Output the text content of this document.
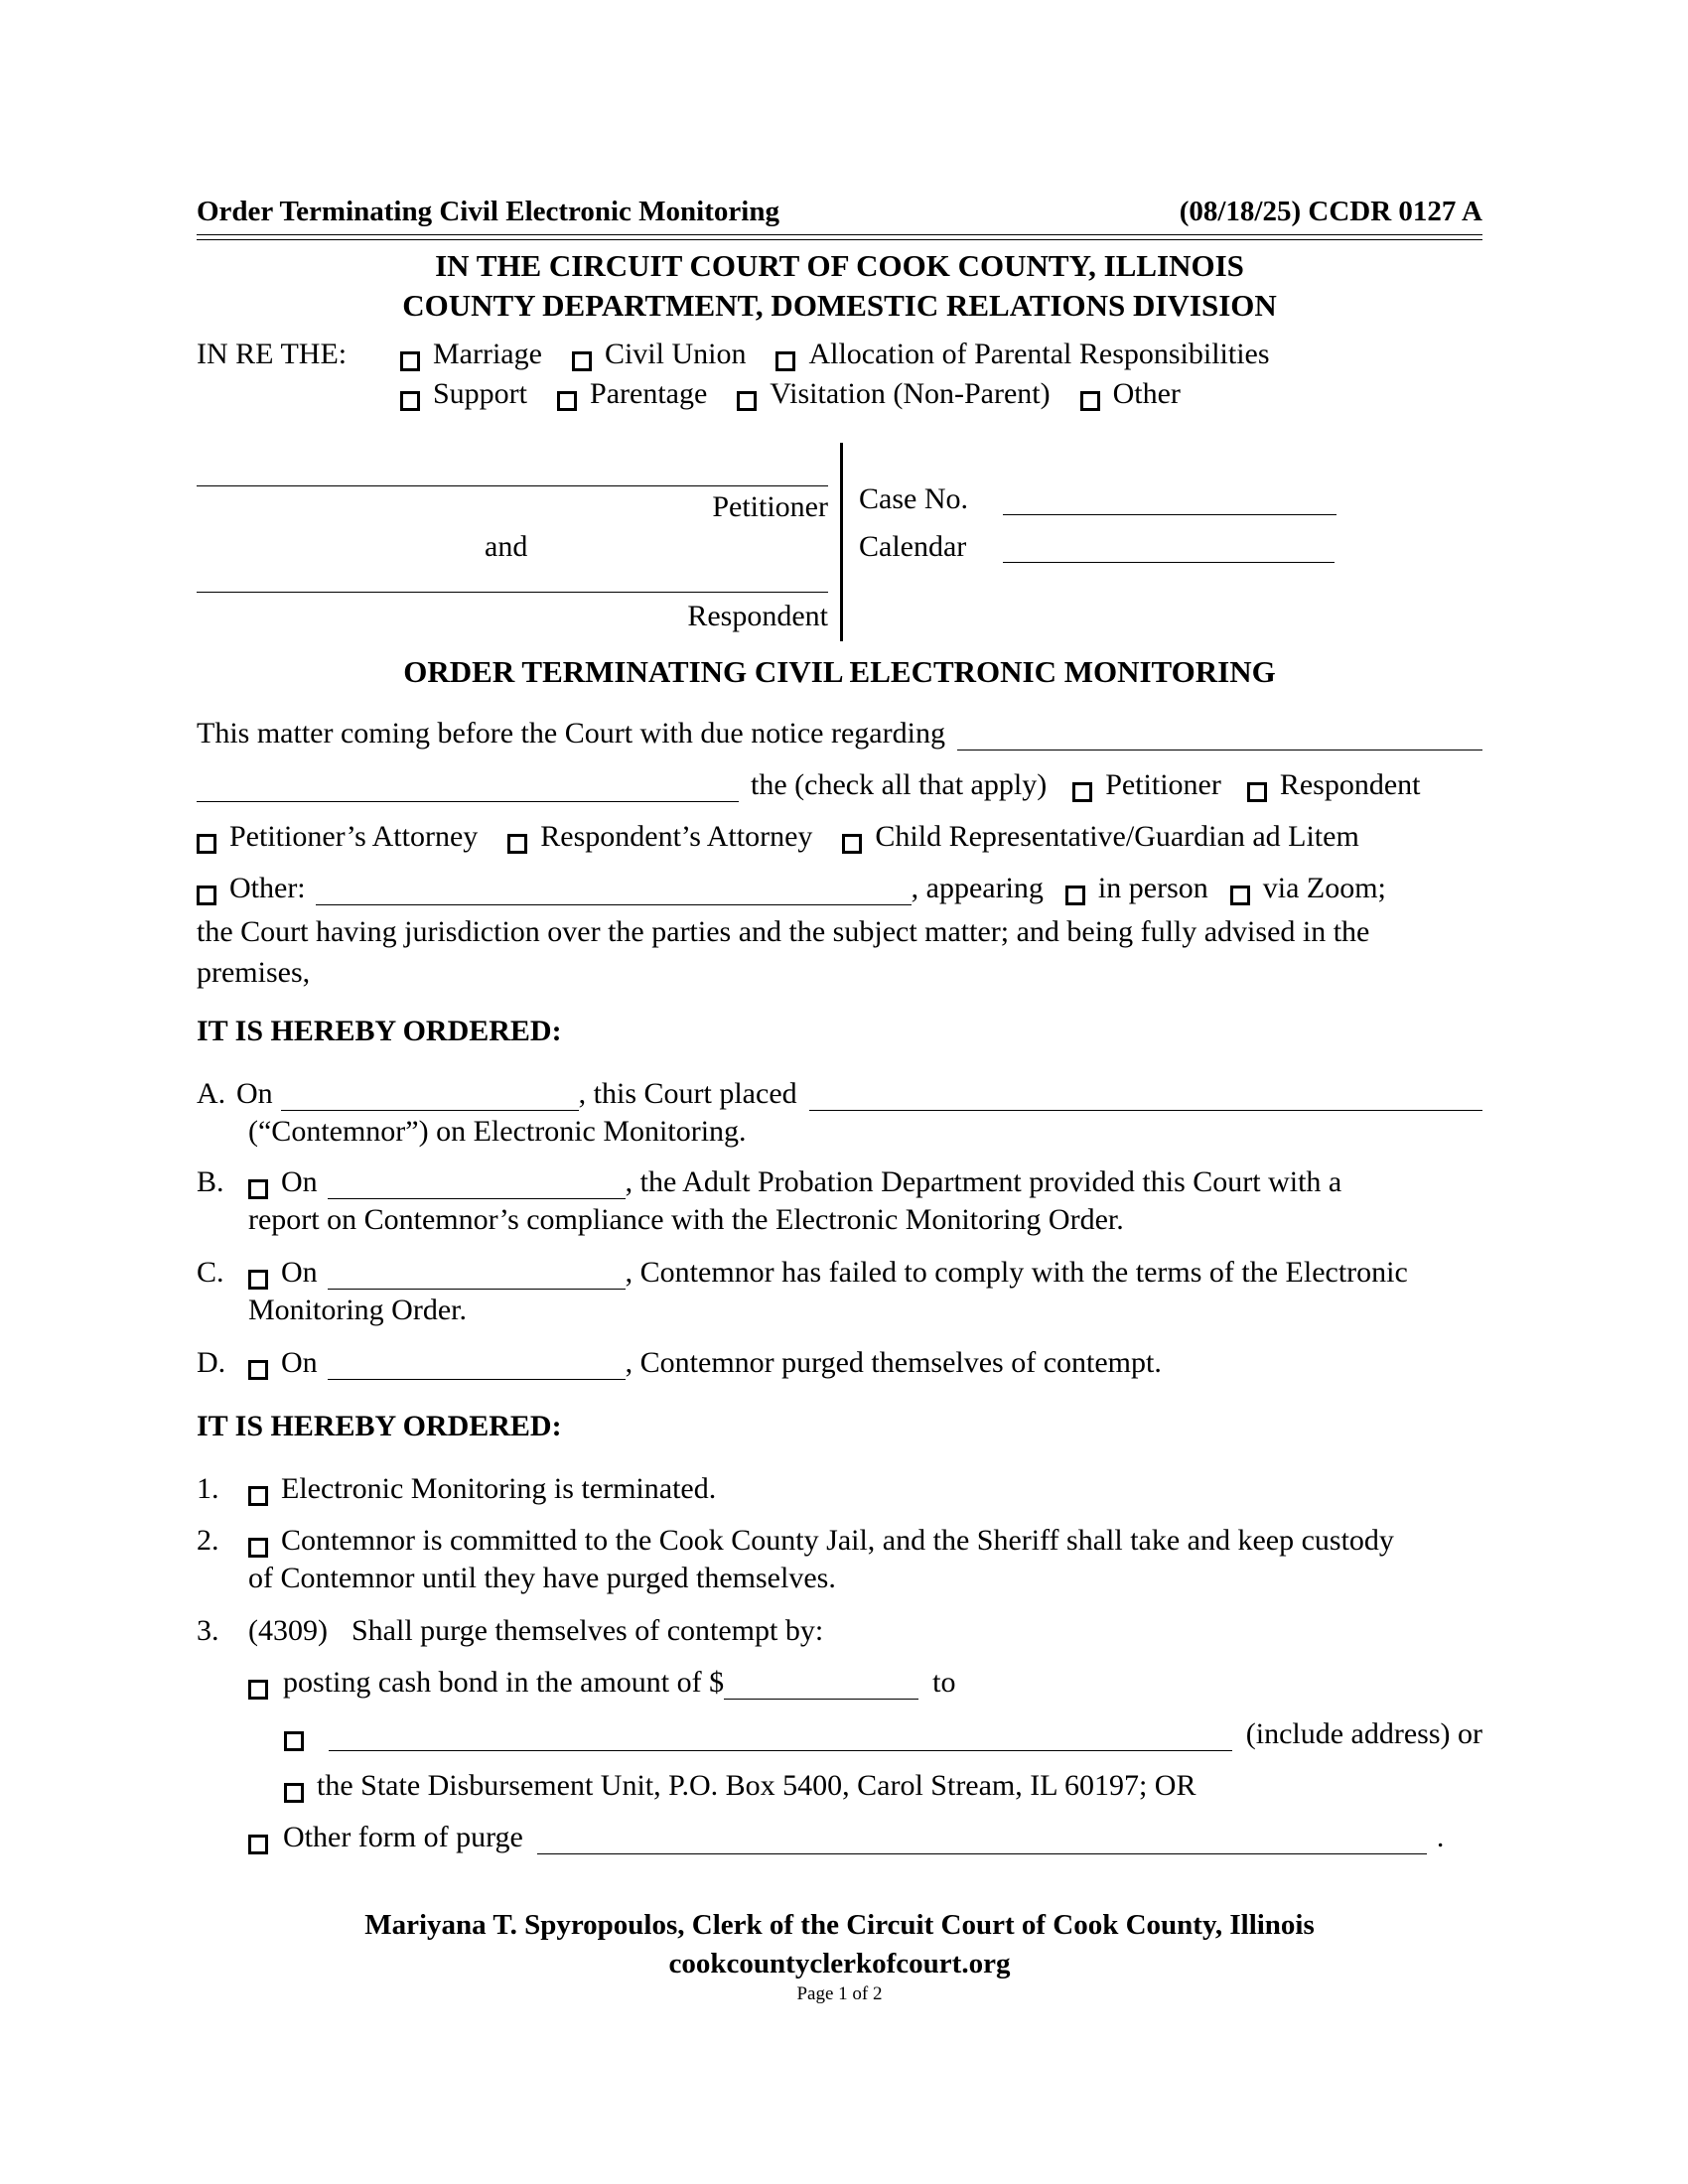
Order Terminating Civil Electronic Monitoring	(08/18/25) CCDR 0127 A
IN THE CIRCUIT COURT OF COOK COUNTY, ILLINOIS
COUNTY DEPARTMENT, DOMESTIC RELATIONS DIVISION
IN RE THE:	Marriage Civil Union Allocation of Parental Responsibilities
Support Parentage Visitation (Non-Parent) Other
Petitioner
and
Respondent
Case No.
Calendar
ORDER TERMINATING CIVIL ELECTRONIC MONITORING
This matter coming before the Court with due notice regarding
the (check all that apply) Petitioner Respondent
Petitioner’s Attorney Respondent’s Attorney Child Representative/Guardian ad Litem
Other:	, appearing in person via Zoom;
the Court having jurisdiction over the parties and the subject matter; and being fully advised in the
premises,
IT IS HEREBY ORDERED:
A. On	, this Court placed
(“Contemnor”) on Electronic Monitoring.
B.	On	, the Adult Probation Department provided this Court with a
report on Contemnor’s compliance with the Electronic Monitoring Order.
C.	On	, Contemnor has failed to comply with the terms of the Electronic
Monitoring Order.
D.	On	, Contemnor purged themselves of contempt.
IT IS HEREBY ORDERED:
1.	Electronic Monitoring is terminated.
2.	Contemnor is committed to the Cook County Jail, and the Sheriff shall take and keep custody
of Contemnor until they have purged themselves.
3. (4309) Shall purge themselves of contempt by:
posting cash bond in the amount of $	to
(include address) or
the State Disbursement Unit, P.O. Box 5400, Carol Stream, IL 60197; OR
Other form of purge	.
Mariyana T. Spyropoulos, Clerk of the Circuit Court of Cook County, Illinois
cookcountyclerkofcourt.org
Page 1 of 2
